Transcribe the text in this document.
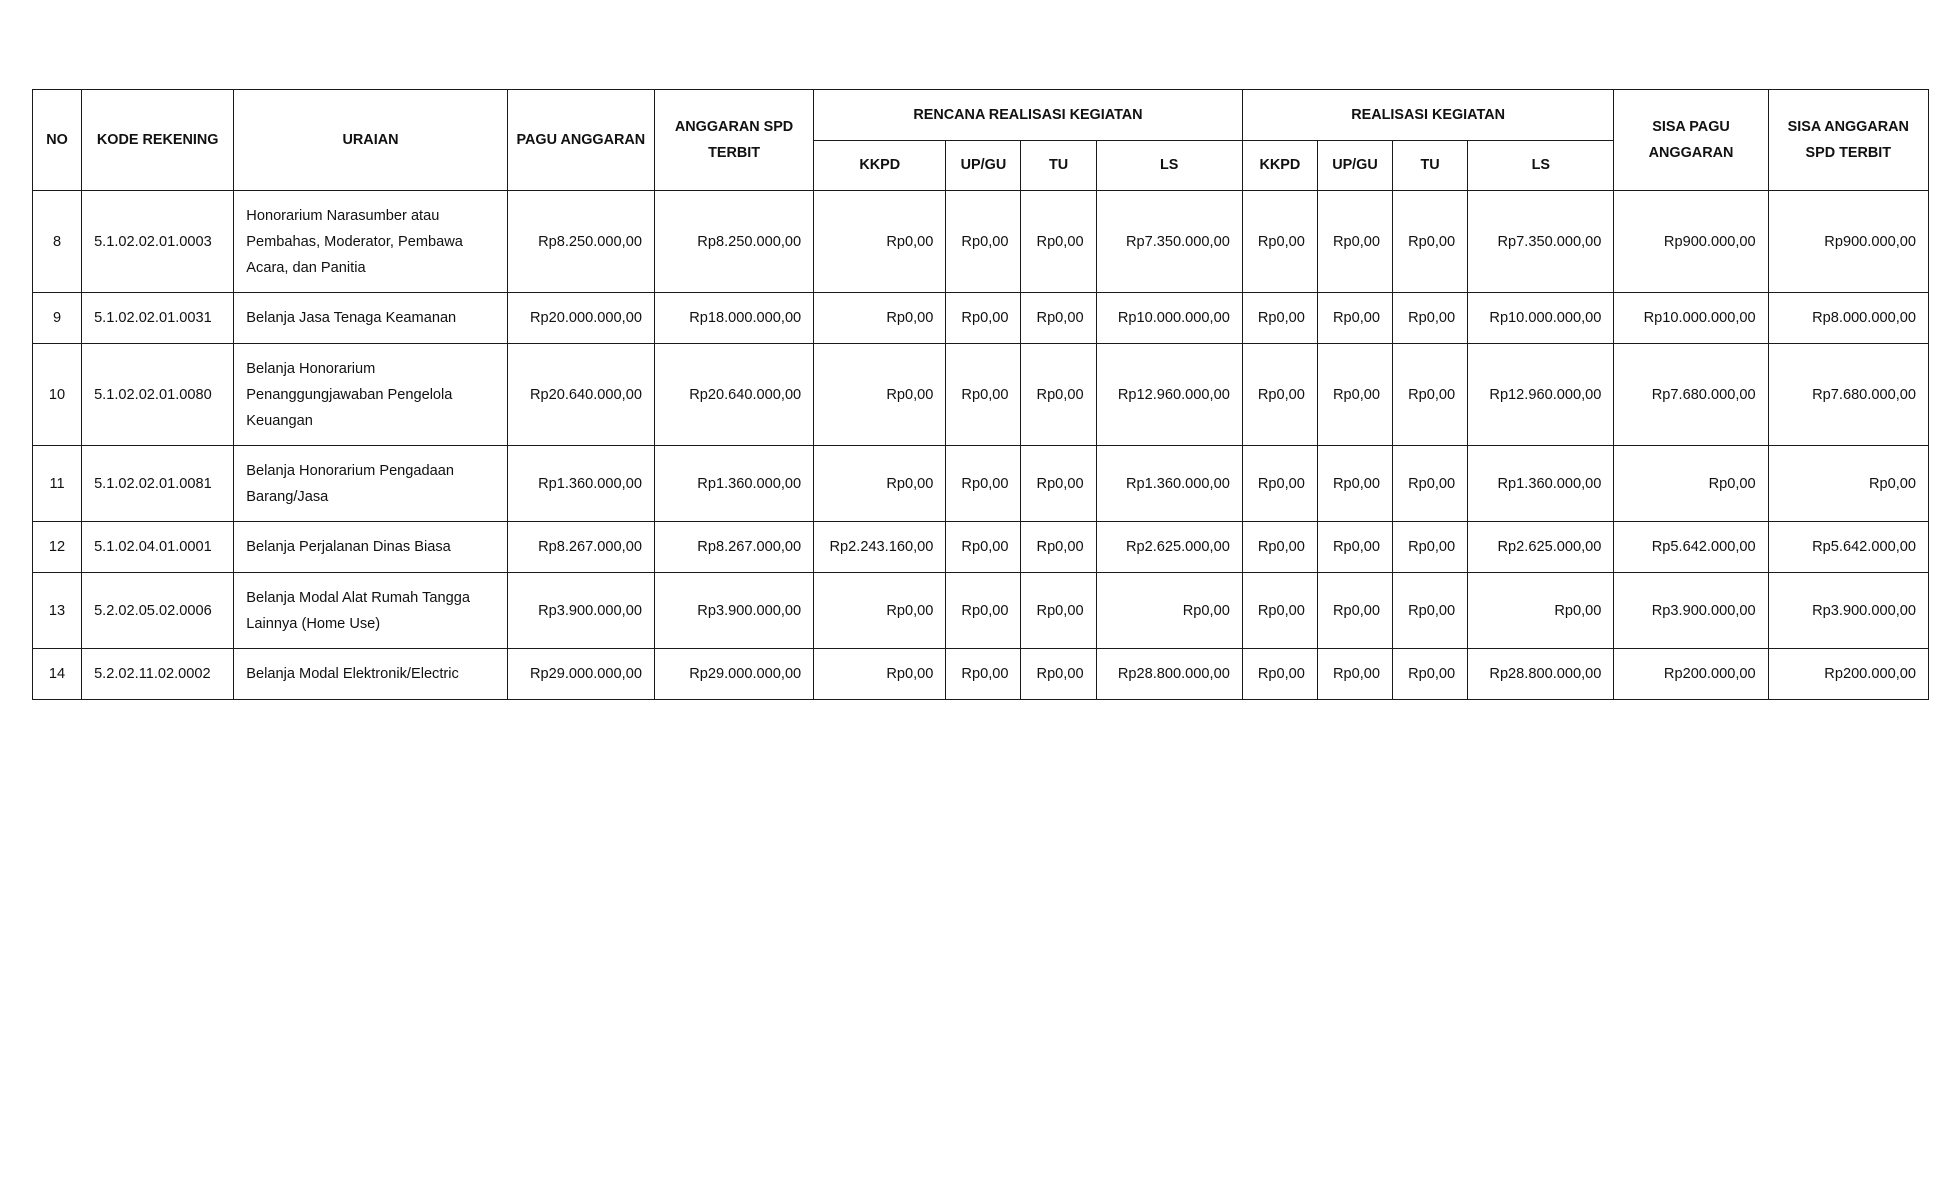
NO	KODE REKENING	URAIAN	PAGU ANGGARAN	ANGGARAN SPD TERBIT	RENCANA REALISASI KEGIATAN				REALISASI KEGIATAN				SISA PAGU ANGGARAN	SISA ANGGARAN SPD TERBIT
					KKPD	UP/GU	TU	LS	KKPD	UP/GU	TU	LS		
8	5.1.02.02.01.0003	Honorarium Narasumber atau Pembahas, Moderator, Pembawa Acara, dan Panitia	Rp8.250.000,00	Rp8.250.000,00	Rp0,00	Rp0,00	Rp0,00	Rp7.350.000,00	Rp0,00	Rp0,00	Rp0,00	Rp7.350.000,00	Rp900.000,00	Rp900.000,00
9	5.1.02.02.01.0031	Belanja Jasa Tenaga Keamanan	Rp20.000.000,00	Rp18.000.000,00	Rp0,00	Rp0,00	Rp0,00	Rp10.000.000,00	Rp0,00	Rp0,00	Rp0,00	Rp10.000.000,00	Rp10.000.000,00	Rp8.000.000,00
10	5.1.02.02.01.0080	Belanja Honorarium Penanggungjawaban Pengelola Keuangan	Rp20.640.000,00	Rp20.640.000,00	Rp0,00	Rp0,00	Rp0,00	Rp12.960.000,00	Rp0,00	Rp0,00	Rp0,00	Rp12.960.000,00	Rp7.680.000,00	Rp7.680.000,00
11	5.1.02.02.01.0081	Belanja Honorarium Pengadaan Barang/Jasa	Rp1.360.000,00	Rp1.360.000,00	Rp0,00	Rp0,00	Rp0,00	Rp1.360.000,00	Rp0,00	Rp0,00	Rp0,00	Rp1.360.000,00	Rp0,00	Rp0,00
12	5.1.02.04.01.0001	Belanja Perjalanan Dinas Biasa	Rp8.267.000,00	Rp8.267.000,00	Rp2.243.160,00	Rp0,00	Rp0,00	Rp2.625.000,00	Rp0,00	Rp0,00	Rp0,00	Rp2.625.000,00	Rp5.642.000,00	Rp5.642.000,00
13	5.2.02.05.02.0006	Belanja Modal Alat Rumah Tangga Lainnya (Home Use)	Rp3.900.000,00	Rp3.900.000,00	Rp0,00	Rp0,00	Rp0,00	Rp0,00	Rp0,00	Rp0,00	Rp0,00	Rp0,00	Rp3.900.000,00	Rp3.900.000,00
14	5.2.02.11.02.0002	Belanja Modal Elektronik/Electric	Rp29.000.000,00	Rp29.000.000,00	Rp0,00	Rp0,00	Rp0,00	Rp28.800.000,00	Rp0,00	Rp0,00	Rp0,00	Rp28.800.000,00	Rp200.000,00	Rp200.000,00
